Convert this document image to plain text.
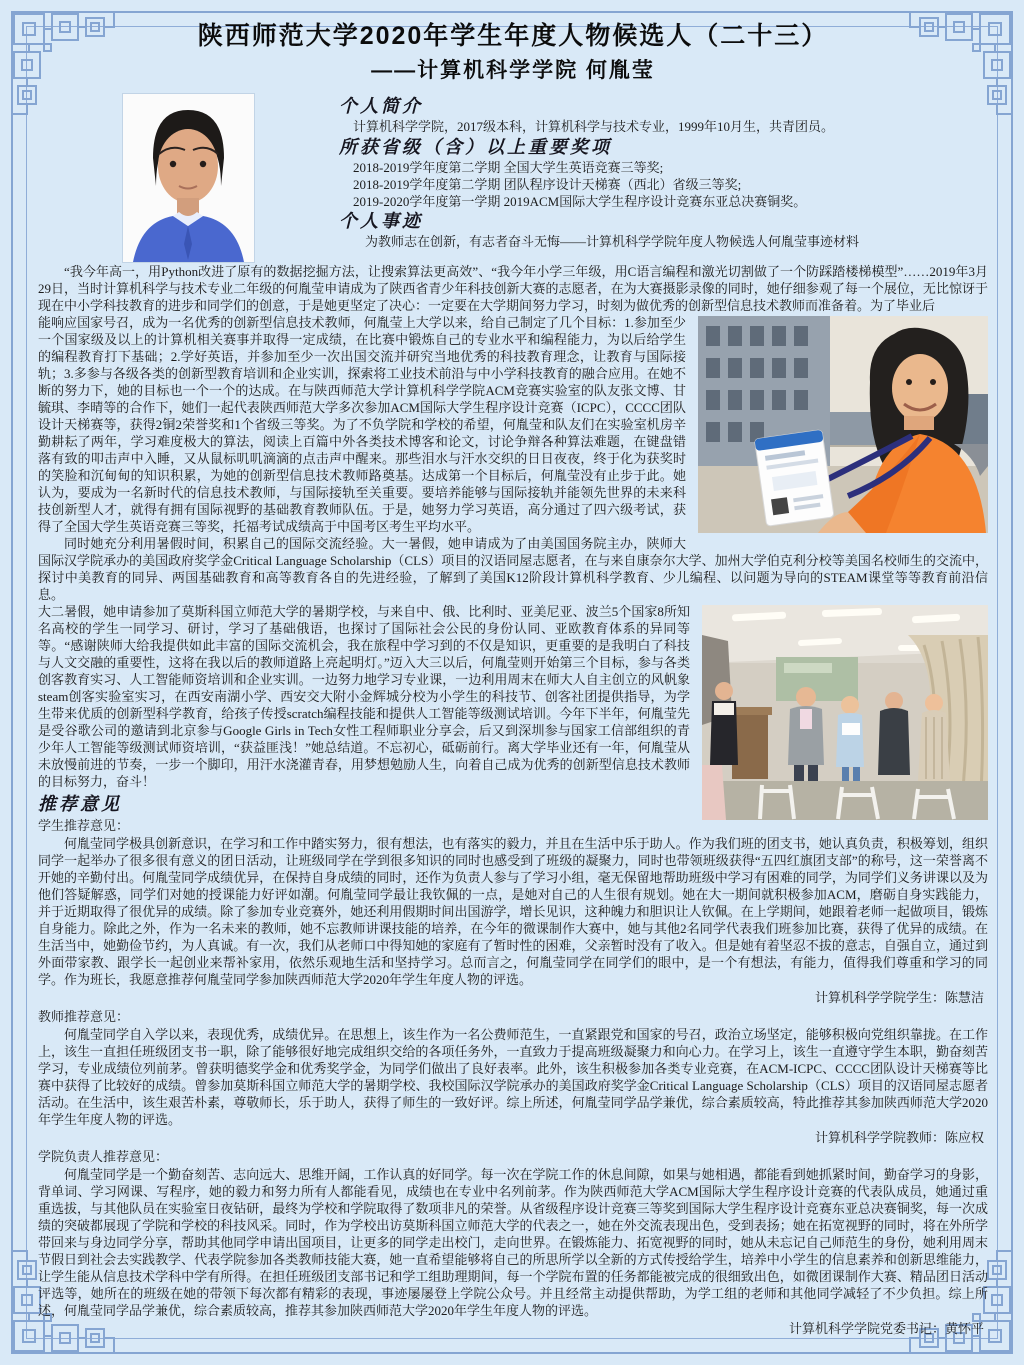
陕西师范大学2020年学生年度人物候选人（二十三）
——计算机科学学院 何胤莹
个人简介
计算机科学学院，2017级本科，计算机科学与技术专业，1999年10月生，共青团员。
所获省级（含）以上重要奖项
2018-2019学年度第二学期 全国大学生英语竞赛三等奖;
2018-2019学年度第二学期 团队程序设计天梯赛（西北）省级三等奖;
2019-2020学年度第一学期 2019ACM国际大学生程序设计竞赛东亚总决赛铜奖。
个人事迹
为教师志在创新，有志者奋斗无悔——计算机科学学院年度人物候选人何胤莹事迹材料

“我今年高一，用Python改进了原有的数据挖掘方法，让搜索算法更高效”、“我今年小学三年级，用C语言编程和激光切割做了一个防踩踏楼梯模型”……2019年3月29日，当时计算机科学与技术专业二年级的何胤莹申请成为了陕西省青少年科技创新大赛的志愿者，在为大赛摄影录像的同时，她仔细参观了每一个展位，无比惊讶于现在中小学科技教育的进步和同学们的创意，于是她更坚定了决心：一定要在大学期间努力学习，时刻为做优秀的创新型信息技术教师而准备着。为了毕业后

能响应国家号召，成为一名优秀的创新型信息技术教师，何胤莹上大学以来，给自己制定了几个目标：1.参加至少一个国家级及以上的计算机相关赛事并取得一定成绩，在比赛中锻炼自己的专业水平和编程能力，为以后给学生的编程教育打下基础；2.学好英语，并参加至少一次出国交流并研究当地优秀的科技教育理念，让教育与国际接轨；3.多参与各级各类的创新型教育培训和企业实训，探索将工业技术前沿与中小学科技教育的融合应用。在她不断的努力下，她的目标也一个一个的达成。在与陕西师范大学计算机科学学院ACM竞赛实验室的队友张文博、甘毓琪、李晴等的合作下，她们一起代表陕西师范大学多次参加ACM国际大学生程序设计竞赛（ICPC），CCCC团队设计天梯赛等，获得2铜2荣誉奖和1个省级三等奖。为了不负学院和学校的希望，何胤莹和队友们在实验室机房辛勤耕耘了两年，学习难度极大的算法，阅读上百篇中外各类技术博客和论文，讨论争辩各种算法难题，在键盘错落有致的叩击声中入睡，又从鼠标叽叽滴滴的点击声中醒来。那些泪水与汗水交织的日日夜夜，终于化为获奖时的笑脸和沉甸甸的知识积累，为她的创新型信息技术教师路奠基。达成第一个目标后，何胤莹没有止步于此。她认为，要成为一名新时代的信息技术教师，与国际接轨至关重要。要培养能够与国际接轨并能领先世界的未来科技创新型人才，就得有拥有国际视野的基础教育教师队伍。于是，她努力学习英语，高分通过了四六级考试，获得了全国大学生英语竞赛三等奖，托福考试成绩高于中国考区考生平均水平。

同时她充分利用暑假时间，积累自己的国际交流经验。大一暑假，她申请成为了由美国国务院主办，陕师大国际汉学院承办的美国政府奖学金Critical Language Scholarship（CLS）项目的汉语同屋志愿者，在与来自康奈尔大学、加州大学伯克利分校等美国名校师生的交流中，探讨中美教育的同异、两国基础教育和高等教育各自的先进经验，了解到了美国K12阶段计算机科学教育、少儿编程、以问题为导向的STEAM课堂等等教育前沿信息。

大二暑假，她申请参加了莫斯科国立师范大学的暑期学校，与来自中、俄、比利时、亚美尼亚、波兰5个国家8所知名高校的学生一同学习、研讨，学习了基础俄语，也探讨了国际社会公民的身份认同、亚欧教育体系的异同等等。“感谢陕师大给我提供如此丰富的国际交流机会，我在旅程中学习到的不仅是知识，更重要的是我明白了科技与人文交融的重要性，这将在我以后的教师道路上亮起明灯。”迈入大三以后，何胤莹则开始第三个目标，参与各类创客教育实习、人工智能师资培训和企业实训。一边努力地学习专业课，一边利用周末在师大人自主创立的风帆象steam创客实验室实习，在西安南湖小学、西安交大附小金辉城分校为小学生的科技节、创客社团提供指导，为学生带来优质的创新型科学教育，给孩子传授scratch编程技能和提供人工智能等级测试培训。今年下半年，何胤莹先是受谷歌公司的邀请到北京参与Google Girls in Tech女性工程师职业分享会，后又到深圳参与国家工信部组织的青少年人工智能等级测试师资培训，“获益匪浅！”她总结道。不忘初心，砥砺前行。离大学毕业还有一年，何胤莹从未放慢前进的节奏，一步一个脚印，用汗水浇灌青春，用梦想勉励人生，向着自己成为优秀的创新型信息技术教师的目标努力，奋斗！

推荐意见
学生推荐意见：

何胤莹同学极具创新意识，在学习和工作中踏实努力，很有想法，也有落实的毅力，并且在生活中乐于助人。作为我们班的团支书，她认真负责，积极筹划，组织同学一起举办了很多很有意义的团日活动，让班级同学在学到很多知识的同时也感受到了班级的凝聚力，同时也带领班级获得“五四红旗团支部”的称号，这一荣誉离不开她的辛勤付出。何胤莹同学成绩优异，在保持自身成绩的同时，还作为负责人参与了学习小组，毫无保留地帮助班级中学习有困难的同学，为同学们义务讲课以及为他们答疑解惑，同学们对她的授课能力好评如潮。何胤莹同学最让我钦佩的一点，是她对自己的人生很有规划。她在大一期间就积极参加ACM，磨砺自身实践能力，并于近期取得了很优异的成绩。除了参加专业竞赛外，她还利用假期时间出国游学，增长见识，这种魄力和胆识让人钦佩。在上学期间，她跟着老师一起做项目，锻炼自身能力。除此之外，作为一名未来的教师，她不忘教师讲课技能的培养，在今年的微课制作大赛中，她与其他2名同学代表我们班参加比赛，获得了优异的成绩。在生活当中，她勤俭节约，为人真诚。有一次，我们从老师口中得知她的家庭有了暂时性的困难，父亲暂时没有了收入。但是她有着坚忍不拔的意志，自强自立，通过到外面带家教、跟学长一起创业来帮补家用，依然乐观地生活和坚持学习。总而言之，何胤莹同学在同学们的眼中，是一个有想法，有能力，值得我们尊重和学习的同学。作为班长，我愿意推荐何胤莹同学参加陕西师范大学2020年学生年度人物的评选。

计算机科学学院学生：陈慧洁
教师推荐意见：

何胤莹同学自入学以来，表现优秀，成绩优异。在思想上，该生作为一名公费师范生，一直紧跟党和国家的号召，政治立场坚定，能够积极向党组织靠拢。在工作上，该生一直担任班级团支书一职，除了能够很好地完成组织交给的各项任务外，一直致力于提高班级凝聚力和向心力。在学习上，该生一直遵守学生本职，勤奋刻苦学习，专业成绩位列前茅。曾获明德奖学金和优秀奖学金，为同学们做出了良好表率。此外，该生积极参加各类专业竞赛，在ACM-ICPC、CCCC团队设计天梯赛等比赛中获得了比较好的成绩。曾参加莫斯科国立师范大学的暑期学校、我校国际汉学院承办的美国政府奖学金Critical Language Scholarship（CLS）项目的汉语同屋志愿者活动。在生活中，该生艰苦朴素，尊敬师长，乐于助人，获得了师生的一致好评。综上所述，何胤莹同学品学兼优，综合素质较高，特此推荐其参加陕西师范大学2020年学生年度人物的评选。

计算机科学学院教师：陈应权
学院负责人推荐意见：

何胤莹同学是一个勤奋刻苦、志向远大、思维开阔，工作认真的好同学。每一次在学院工作的休息间隙，如果与她相遇，都能看到她抓紧时间，勤奋学习的身影，背单词、学习网课、写程序，她的毅力和努力所有人都能看见，成绩也在专业中名列前茅。作为陕西师范大学ACM国际大学生程序设计竞赛的代表队成员，她通过重重选拔，与其他队员在实验室日夜钻研，最终为学校和学院取得了数项非凡的荣誉。从省级程序设计竞赛三等奖到国际大学生程序设计竞赛东亚总决赛铜奖，每一次成绩的突破都展现了学院和学校的科技风采。同时，作为学校出访莫斯科国立师范大学的代表之一，她在外交流表现出色，受到表扬；她在拓宽视野的同时，将在外所学带回来与身边同学分享，帮助其他同学申请出国项目，让更多的同学走出校门，走向世界。在锻炼能力、拓宽视野的同时，她从未忘记自己师范生的身份，她利用周末节假日到社会去实践教学、代表学院参加各类教师技能大赛，她一直希望能够将自己的所思所学以全新的方式传授给学生，培养中小学生的信息素养和创新思维能力，让学生能从信息技术学科中学有所得。在担任班级团支部书记和学工组助理期间，每一个学院布置的任务都能被完成的很细致出色，如微团课制作大赛、精品团日活动评选等，她所在的班级在她的带领下每次都有精彩的表现，事迹屡屡登上学院公众号。并且经常主动提供帮助，为学工组的老师和其他同学减轻了不少负担。综上所述，何胤莹同学品学兼优，综合素质较高，推荐其参加陕西师范大学2020年学生年度人物的评选。

计算机科学学院党委书记：黄怀平
